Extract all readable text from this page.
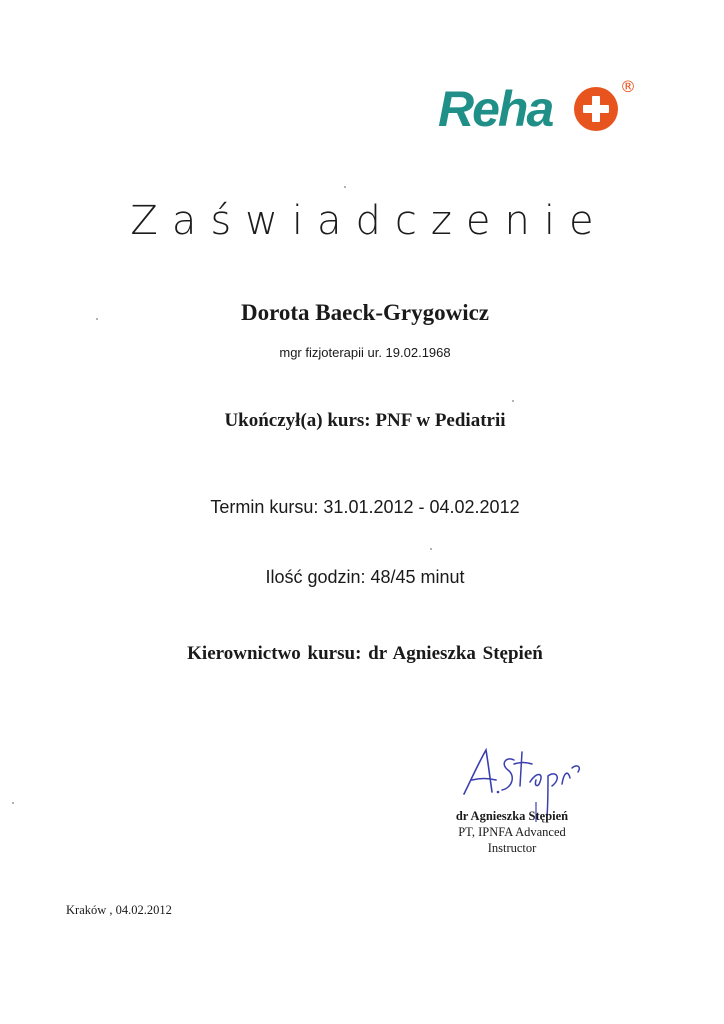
Reha	®
Zaświadczenie
Dorota Baeck-Grygowicz
mgr fizjoterapii ur. 19.02.1968
Ukończył(a) kurs: PNF w Pediatrii
Termin kursu: 31.01.2012 - 04.02.2012
Ilość godzin: 48/45 minut
Kierownictwo kursu: dr Agnieszka Stępień
dr Agnieszka Stępień
PT, IPNFA Advanced
Instructor
Kraków , 04.02.2012
